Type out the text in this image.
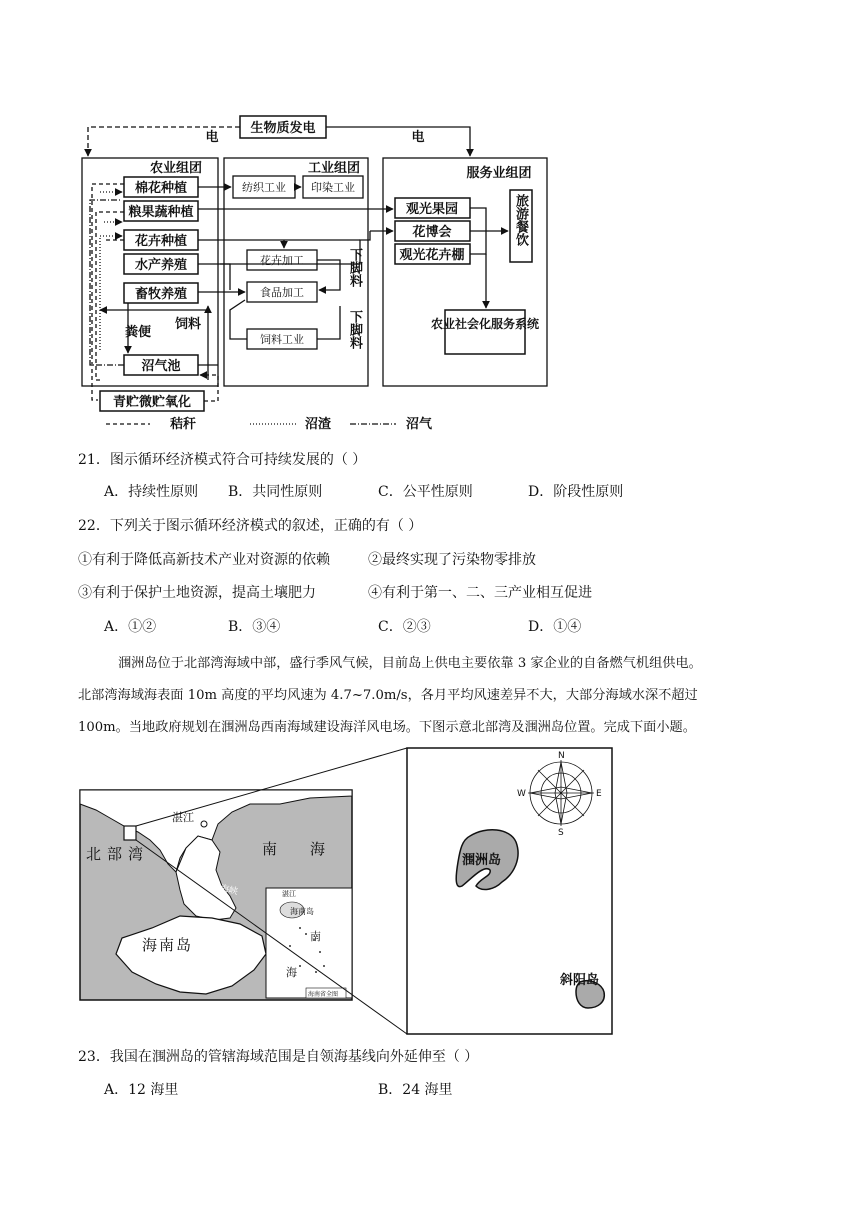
生物质发电
电	电
农业组团	工业组团	服务业组团
棉花种植
粮果蔬种植
花卉种植
水产养殖
畜牧养殖
沼气池
青贮微贮氧化
粪便
饲料
观光果园
花博会
观光花卉棚
农业社会化服务系统
秸秆	沼渣	沼气
纺织工业 印染工业
花卉加工
食品加工
饲料工业
下脚料
下脚料
旅游餐饮
21．图示循环经济模式符合可持续发展的（ ）
A．持续性原则 B．共同性原则	C．公平性原则	D．阶段性原则
22．下列关于图示循环经济模式的叙述，正确的有（ ）
①有利于降低高新技术产业对资源的依赖	②最终实现了污染物零排放
③有利于保护土地资源，提高土壤肥力	④有利于第一、二、三产业相互促进
A．①②	B．③④	C．②③	D．①④
涠洲岛位于北部湾海域中部，盛行季风气候，目前岛上供电主要依靠 3 家企业的自备燃气机组供电。
北部湾海域海表面 10m 高度的平均风速为 4.7~7.0m/s，各月平均风速差异不大，大部分海域水深不超过
100m。当地政府规划在涠洲岛西南海域建设海洋风电场。下图示意北部湾及涠洲岛位置。完成下面小题。
湛江
北部湾	南 海
琼州海峡
海南岛
湛江
海南岛
南
海
海南省全图
涠洲岛
斜阳岛
N
E
S
W
23．我国在涠洲岛的管辖海域范围是自领海基线向外延伸至（ ）
A．12 海里	B．24 海里
